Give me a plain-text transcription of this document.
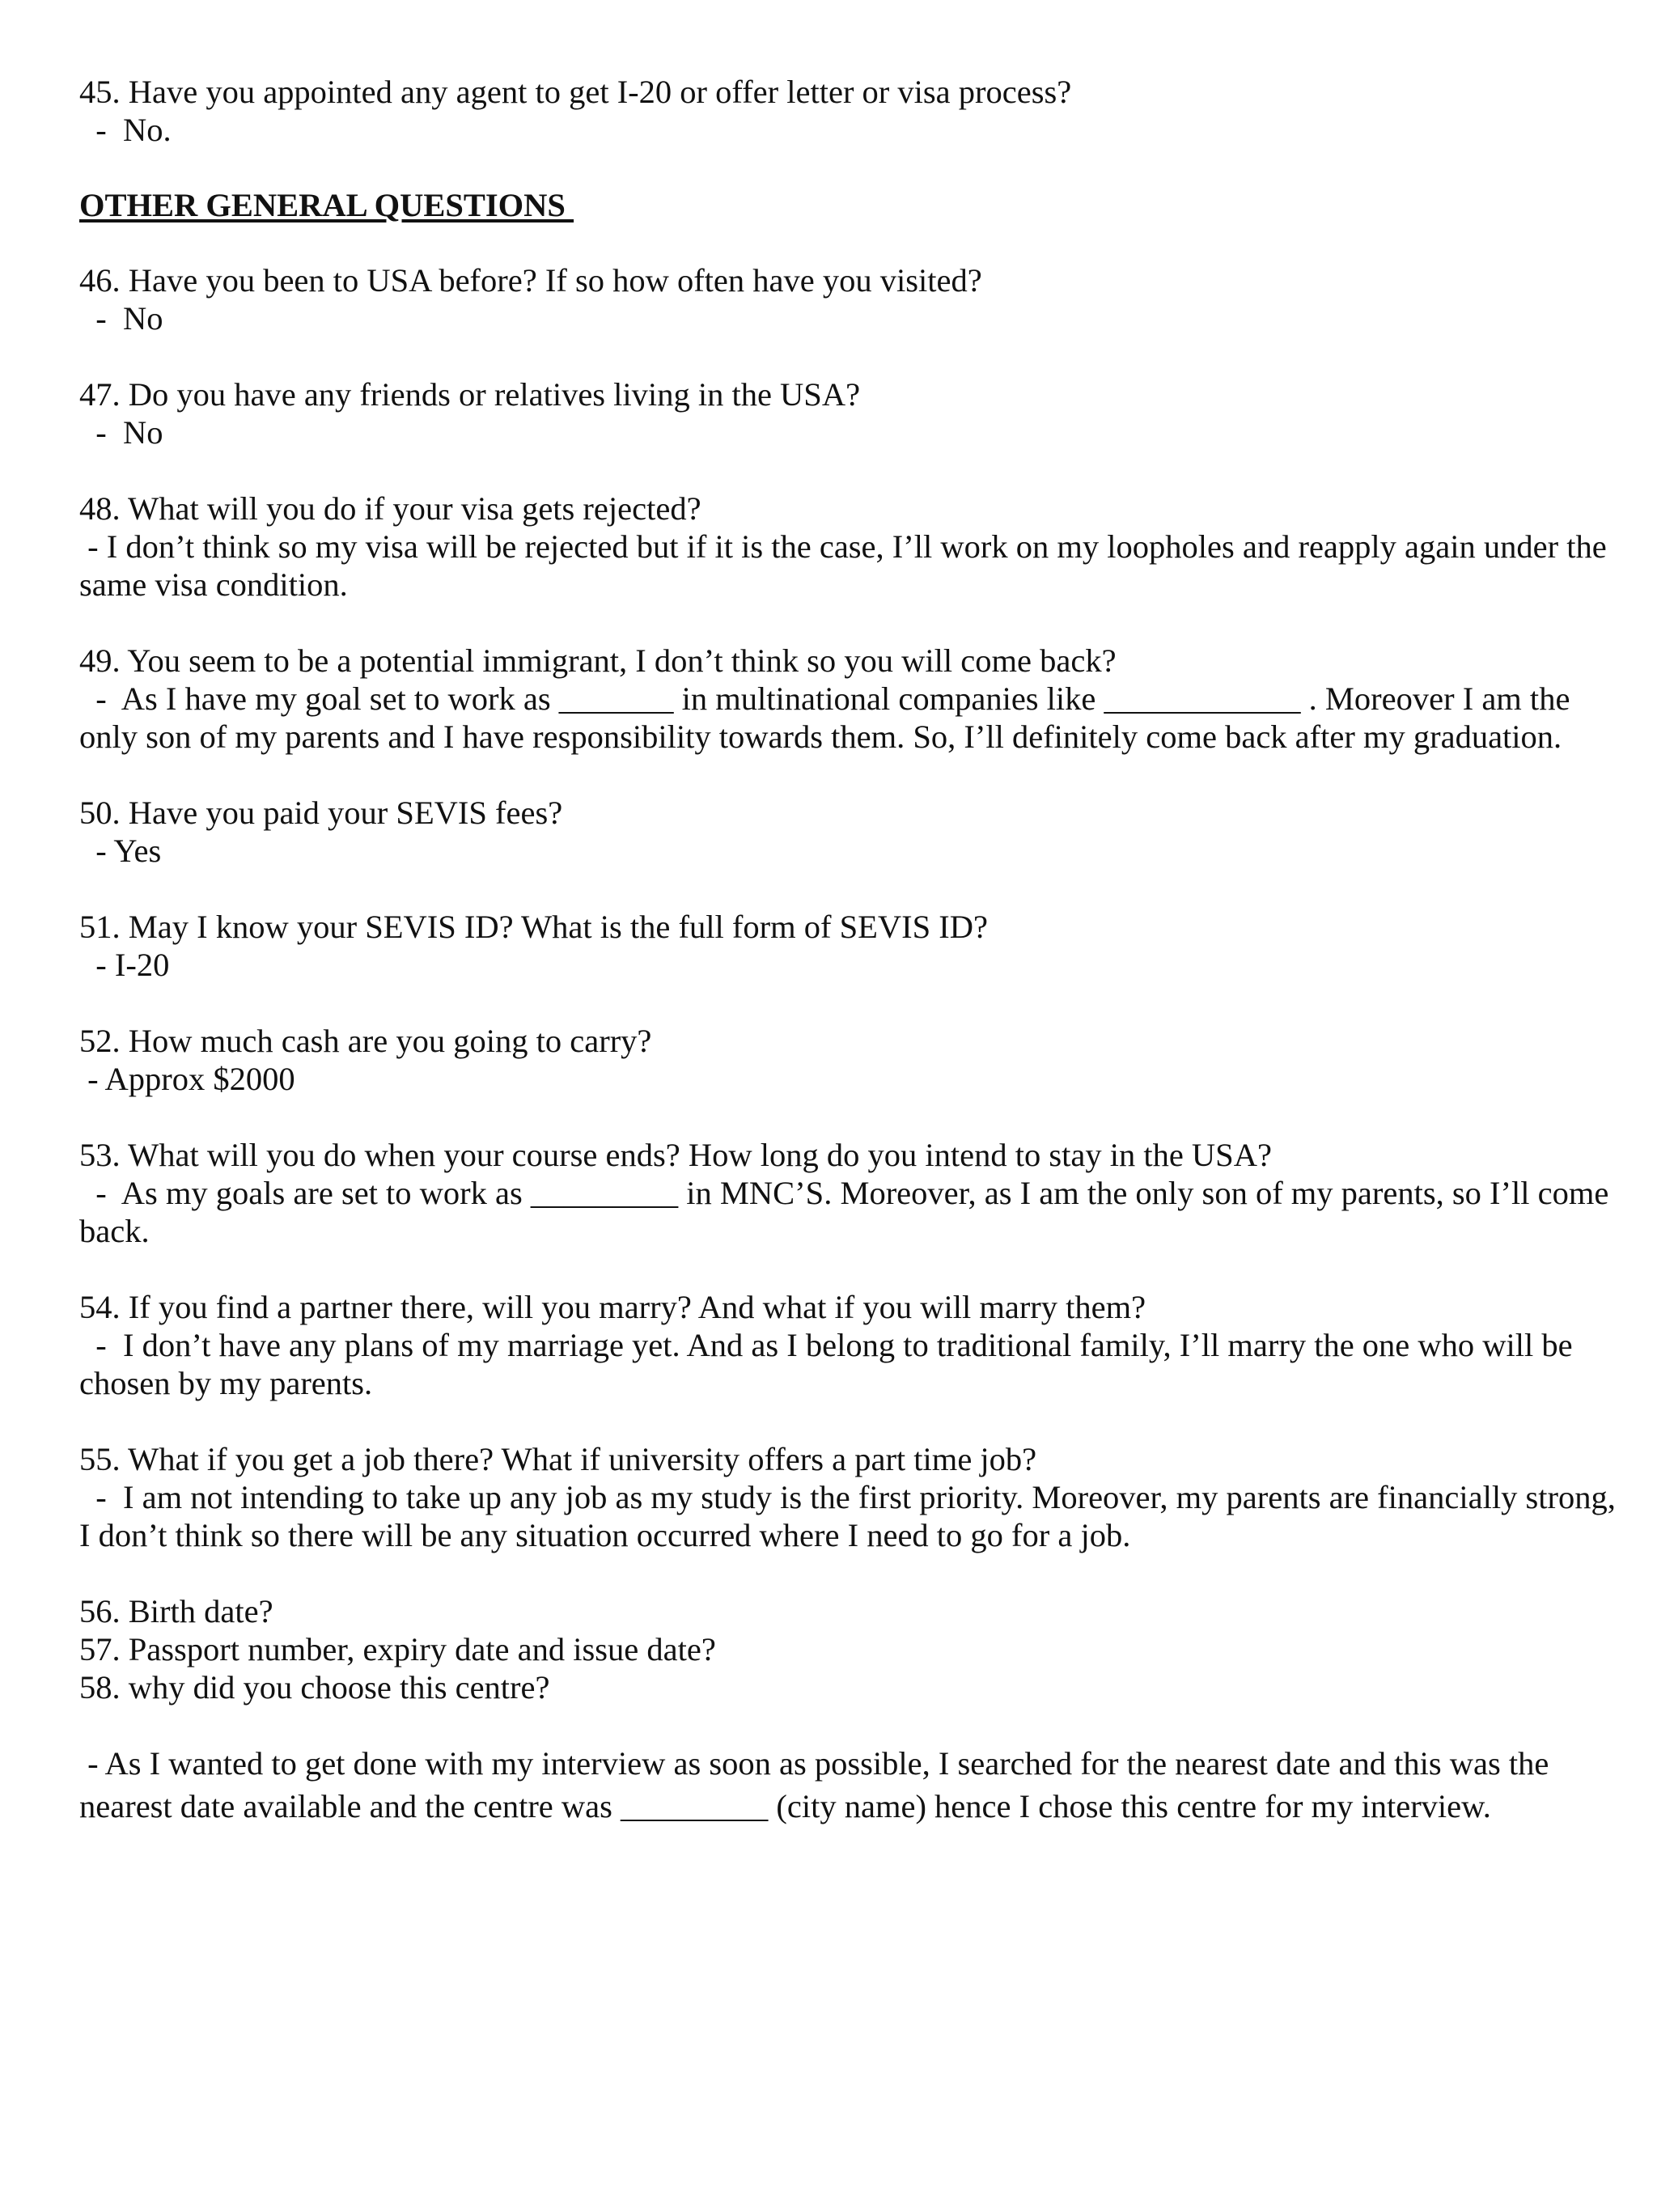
45. Have you appointed any agent to get I-20 or offer letter or visa process?

-  No.

OTHER GENERAL QUESTIONS

46. Have you been to USA before? If so how often have you visited?

-  No

47. Do you have any friends or relatives living in the USA?

-  No

48. What will you do if your visa gets rejected?

- I don’t think so my visa will be rejected but if it is the case, I’ll work on my loopholes and reapply again under the

same visa condition.

49. You seem to be a potential immigrant, I don’t think so you will come back?

-  As I have my goal set to work as _______ in multinational companies like ____________ . Moreover I am the

only son of my parents and I have responsibility towards them. So, I’ll definitely come back after my graduation.

50. Have you paid your SEVIS fees?

- Yes

51. May I know your SEVIS ID? What is the full form of SEVIS ID?

- I-20

52. How much cash are you going to carry?

- Approx $2000

53. What will you do when your course ends? How long do you intend to stay in the USA?

-  As my goals are set to work as _________ in MNC’S. Moreover, as I am the only son of my parents, so I’ll come

back.

54. If you find a partner there, will you marry? And what if you will marry them?

-  I don’t have any plans of my marriage yet. And as I belong to traditional family, I’ll marry the one who will be

chosen by my parents.

55. What if you get a job there? What if university offers a part time job?

-  I am not intending to take up any job as my study is the first priority. Moreover, my parents are financially strong,

I don’t think so there will be any situation occurred where I need to go for a job.

56. Birth date?

57. Passport number, expiry date and issue date?

58. why did you choose this centre?

- As I wanted to get done with my interview as soon as possible, I searched for the nearest date and this was the

nearest date available and the centre was _________ (city name) hence I chose this centre for my interview.
